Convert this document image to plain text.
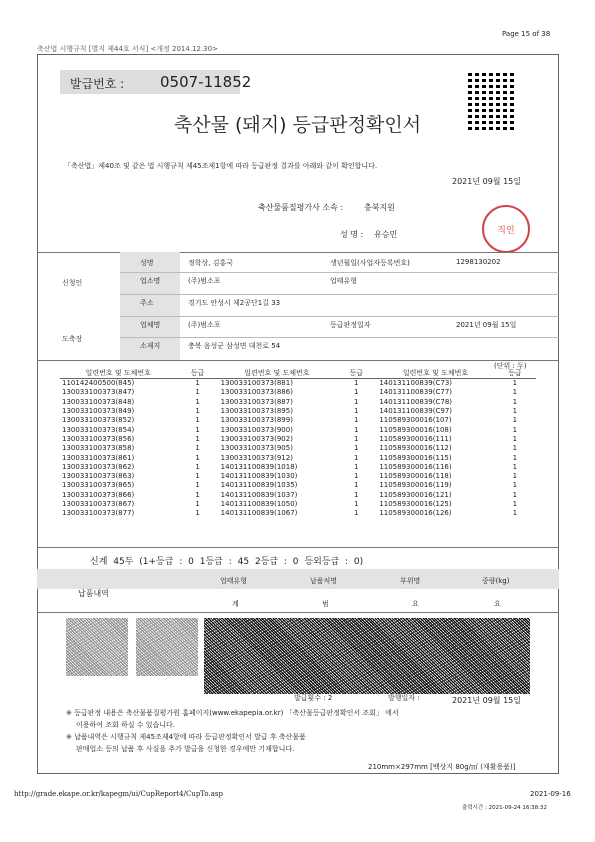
Page 15 of 38
축산법 시행규칙 [별지 제44호 서식] <개정 2014.12.30>
발급번호 : 0507-11852
축산물 (돼지) 등급판정확인서
「축산법」제40조 및 같은 법 시행규칙 제45조제1항에 따라 등급판정 결과를 아래와 같이 확인합니다.
2021년 09월 15일
축산물품질평가사 소속 :	충북지원
성 명 : 유승민	직인
신청인
도축장
성명	정학상, 김홍국	생년월일(사업자등록번호)	1298130202
업소명	(주)범소포	업태유형
주소	경기도 안성시 제2공단1길 33
업체명	(주)범소포	등급판정일자	2021년 09월 15일
소재지	충북 음성군 삼성면 대천로 54
(단위 : 두)
일련번호 및 도체번호	등급	일련번호 및 도체번호	등급	일련번호 및 도체번호	등급
110142400500(845)	1	130033100373(881)	1	140131100839(C73)	1
130033100373(847)	1	130033100373(886)	1	140131100839(C77)	1
130033100373(848)	1	130033100373(887)	1	140131100839(C78)	1
130033100373(849)	1	130033100373(895)	1	140131100839(C97)	1
130033100373(852)	1	130033100373(899)	1	110589300016(107)	1
130033100373(854)	1	130033100373(900)	1	110589300016(108)	1
130033100373(856)	1	130033100373(902)	1	110589300016(111)	1
130033100373(858)	1	130033100373(905)	1	110589300016(112)	1
130033100373(861)	1	130033100373(912)	1	110589300016(115)	1
130033100373(862)	1	140131100839(1018)	1	110589300016(116)	1
130033100373(863)	1	140131100839(1030)	1	110589300016(118)	1
130033100373(865)	1	140131100839(1035)	1	110589300016(119)	1
130033100373(866)	1	140131100839(1037)	1	110589300016(121)	1
130033100373(867)	1	140131100839(1050)	1	110589300016(125)	1
130033100373(877)	1	140131100839(1067)	1	110589300016(126)	1
신계 45두 (1+등급 : 0 1등급 : 45 2등급 : 0 등외등급 : 0)
납품내역
업태유형	납품처명	부위명	중량(kg)
계	범	요	요
발급횟수 : 2	발행일자 :	2021년 09월 15일
※ 등급판정 내용은 축산물품질평가원 홈페이지(www.ekapepia.or.kr) 「축산물등급판정확인서 조회」 에서
이용하여 조회 하실 수 있습니다.
※ 납품내역은 시행규칙 제45조제4항에 따라 등급판정확인서 발급 후 축산물품
판매업소 등의 납품 후 사실을 추가 발급을 신청한 경우에만 기재합니다.
210mm×297mm [백상지 80g/㎡ (재활용품)]
http://grade.ekape.or.kr/kapegm/ui/CupReport4/CupTo.asp	2021-09-16
출력시간 : 2021-09-24 16:38:32
